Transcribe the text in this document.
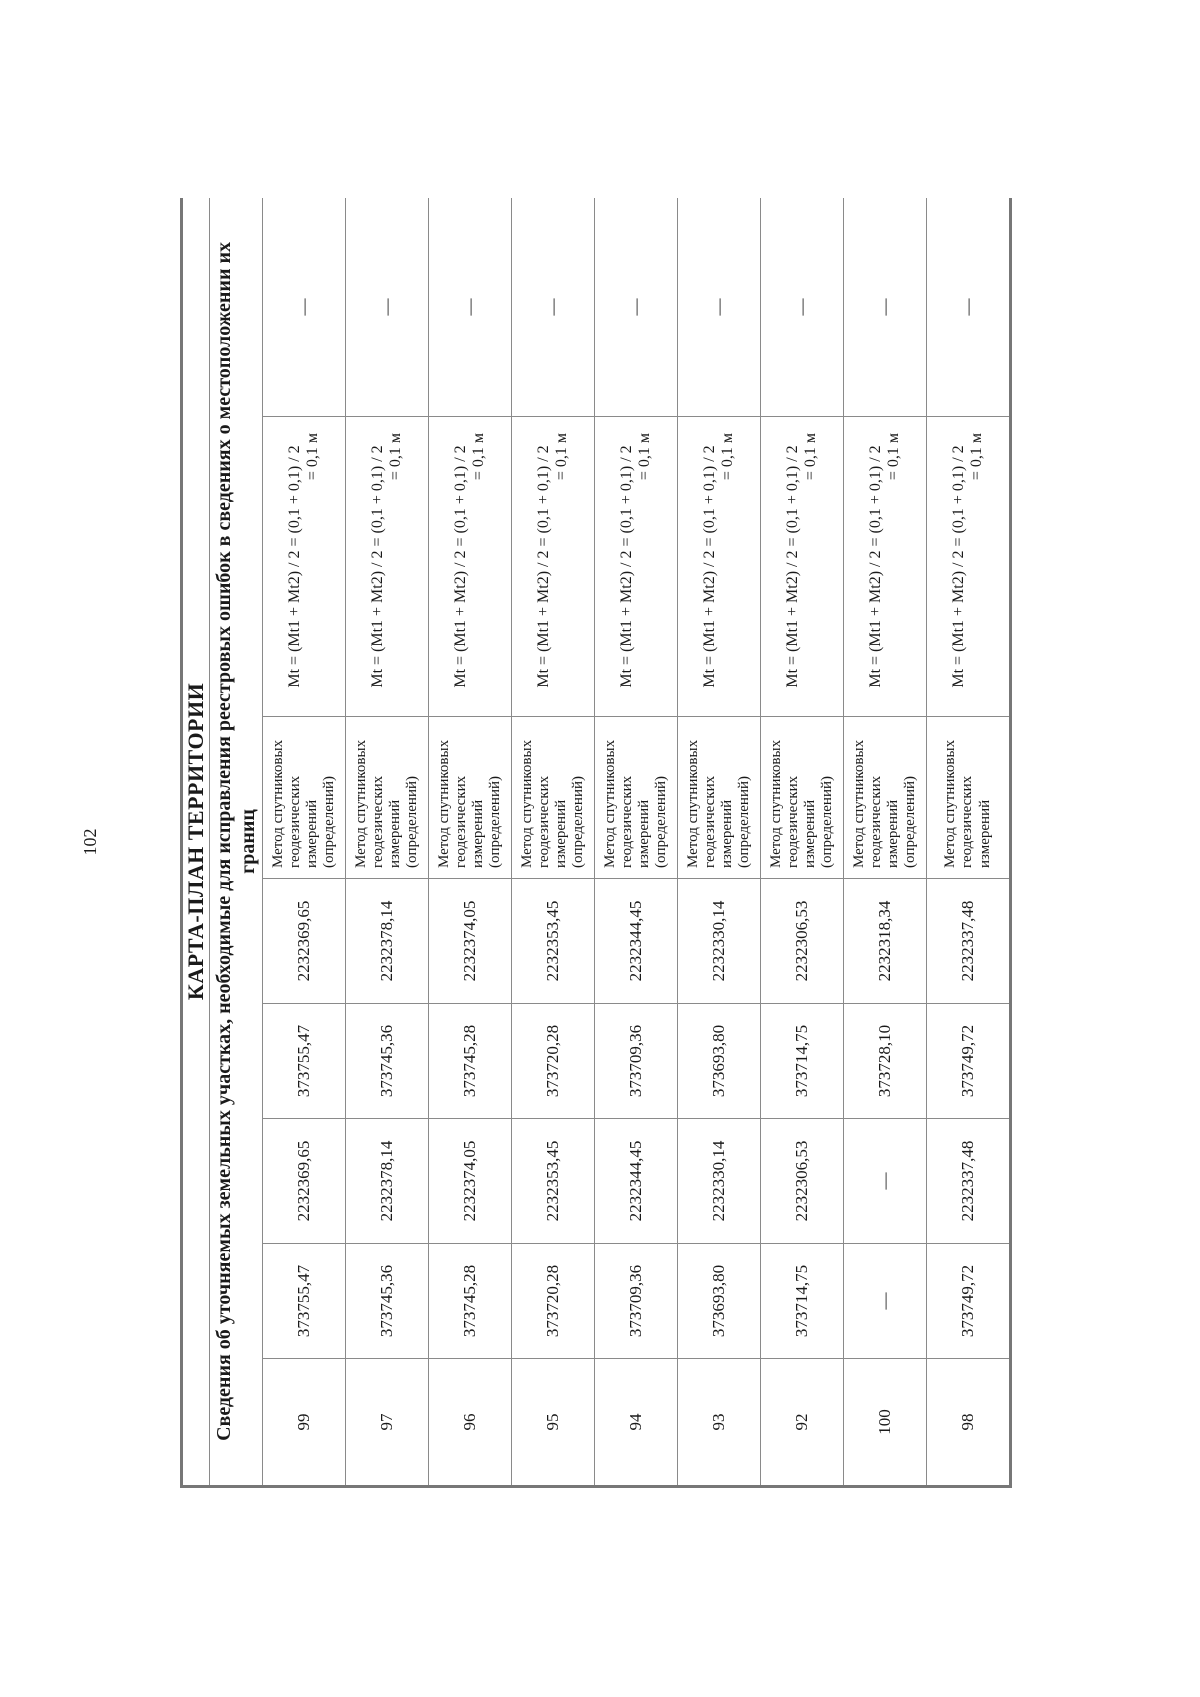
102	КАРТА-ПЛАН ТЕРРИТОРИИ							
Сведения об уточняемых земельных участках, необходимые для исправления реестровых ошибок в сведениях о местоположении их границ							
99	373755,47	2232369,65	373755,47	2232369,65	Метод спутниковых геодезических измерений (определений)	Mt = (Mt1 + Mt2) / 2 = (0,1 + 0,1) / 2 = 0,1 м	—
97	373745,36	2232378,14	373745,36	2232378,14	Метод спутниковых геодезических измерений (определений)	Mt = (Mt1 + Mt2) / 2 = (0,1 + 0,1) / 2 = 0,1 м	—
96	373745,28	2232374,05	373745,28	2232374,05	Метод спутниковых геодезических измерений (определений)	Mt = (Mt1 + Mt2) / 2 = (0,1 + 0,1) / 2 = 0,1 м	—
95	373720,28	2232353,45	373720,28	2232353,45	Метод спутниковых геодезических измерений (определений)	Mt = (Mt1 + Mt2) / 2 = (0,1 + 0,1) / 2 = 0,1 м	—
94	373709,36	2232344,45	373709,36	2232344,45	Метод спутниковых геодезических измерений (определений)	Mt = (Mt1 + Mt2) / 2 = (0,1 + 0,1) / 2 = 0,1 м	—
93	373693,80	2232330,14	373693,80	2232330,14	Метод спутниковых геодезических измерений (определений)	Mt = (Mt1 + Mt2) / 2 = (0,1 + 0,1) / 2 = 0,1 м	—
92	373714,75	2232306,53	373714,75	2232306,53	Метод спутниковых геодезических измерений (определений)	Mt = (Mt1 + Mt2) / 2 = (0,1 + 0,1) / 2 = 0,1 м	—
100	—	—	373728,10	2232318,34	Метод спутниковых геодезических измерений (определений)	Mt = (Mt1 + Mt2) / 2 = (0,1 + 0,1) / 2 = 0,1 м	—
98	373749,72	2232337,48	373749,72	2232337,48	Метод спутниковых геодезических измерений	Mt = (Mt1 + Mt2) / 2 = (0,1 + 0,1) / 2 = 0,1 м	—
